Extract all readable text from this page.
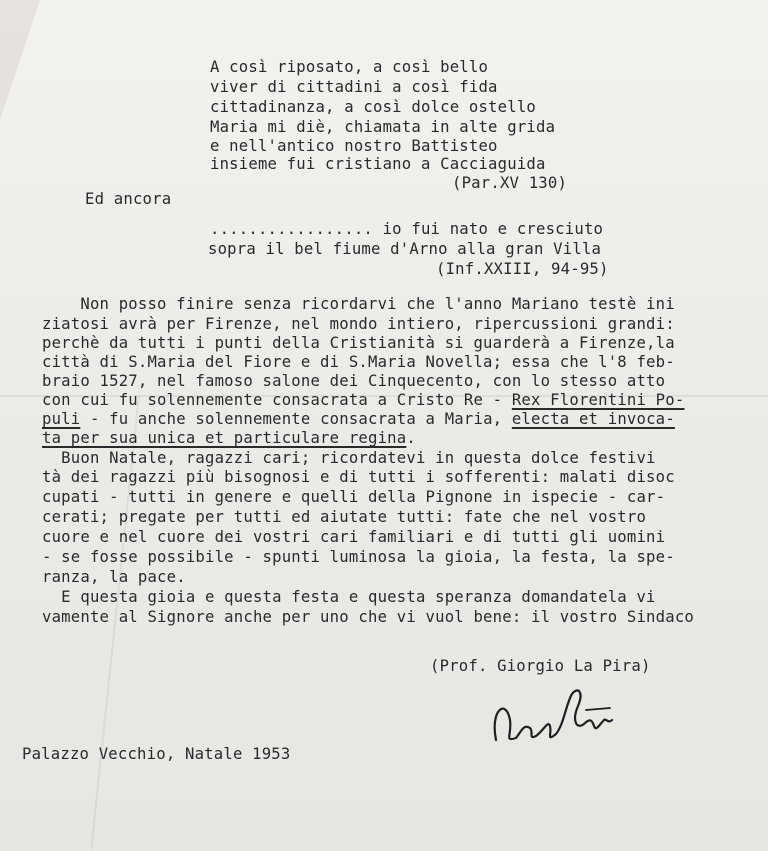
A così riposato, a così bello
viver di cittadini a così fida
cittadinanza, a così dolce ostello
Maria mi diè, chiamata in alte grida
e nell'antico nostro Battisteo
insieme fui cristiano a Cacciaguida
(Par.XV 130)
Ed ancora
................. io fui nato e cresciuto
sopra il bel fiume d'Arno alla gran Villa
(Inf.XXIII, 94-95)
Non posso finire senza ricordarvi che l'anno Mariano testè ini
ziatosi avrà per Firenze, nel mondo intiero, ripercussioni grandi:
perchè da tutti i punti della Cristianità si guarderà a Firenze,la
città di S.Maria del Fiore e di S.Maria Novella; essa che l'8 feb-
braio 1527, nel famoso salone dei Cinquecento, con lo stesso atto
con cui fu solennemente consacrata a Cristo Re - Rex Florentini Po-
puli - fu anche solennemente consacrata a Maria, electa et invoca-
ta per sua unica et particulare regina.
Buon Natale, ragazzi cari; ricordatevi in questa dolce festivi
tà dei ragazzi più bisognosi e di tutti i sofferenti: malati disoc
cupati - tutti in genere e quelli della Pignone in ispecie - car-
cerati; pregate per tutti ed aiutate tutti: fate che nel vostro
cuore e nel cuore dei vostri cari familiari e di tutti gli uomini
- se fosse possibile - spunti luminosa la gioia, la festa, la spe-
ranza, la pace.
E questa gioia e questa festa e questa speranza domandatela vi
vamente al Signore anche per uno che vi vuol bene: il vostro Sindaco
(Prof. Giorgio La Pira)
Palazzo Vecchio, Natale 1953
